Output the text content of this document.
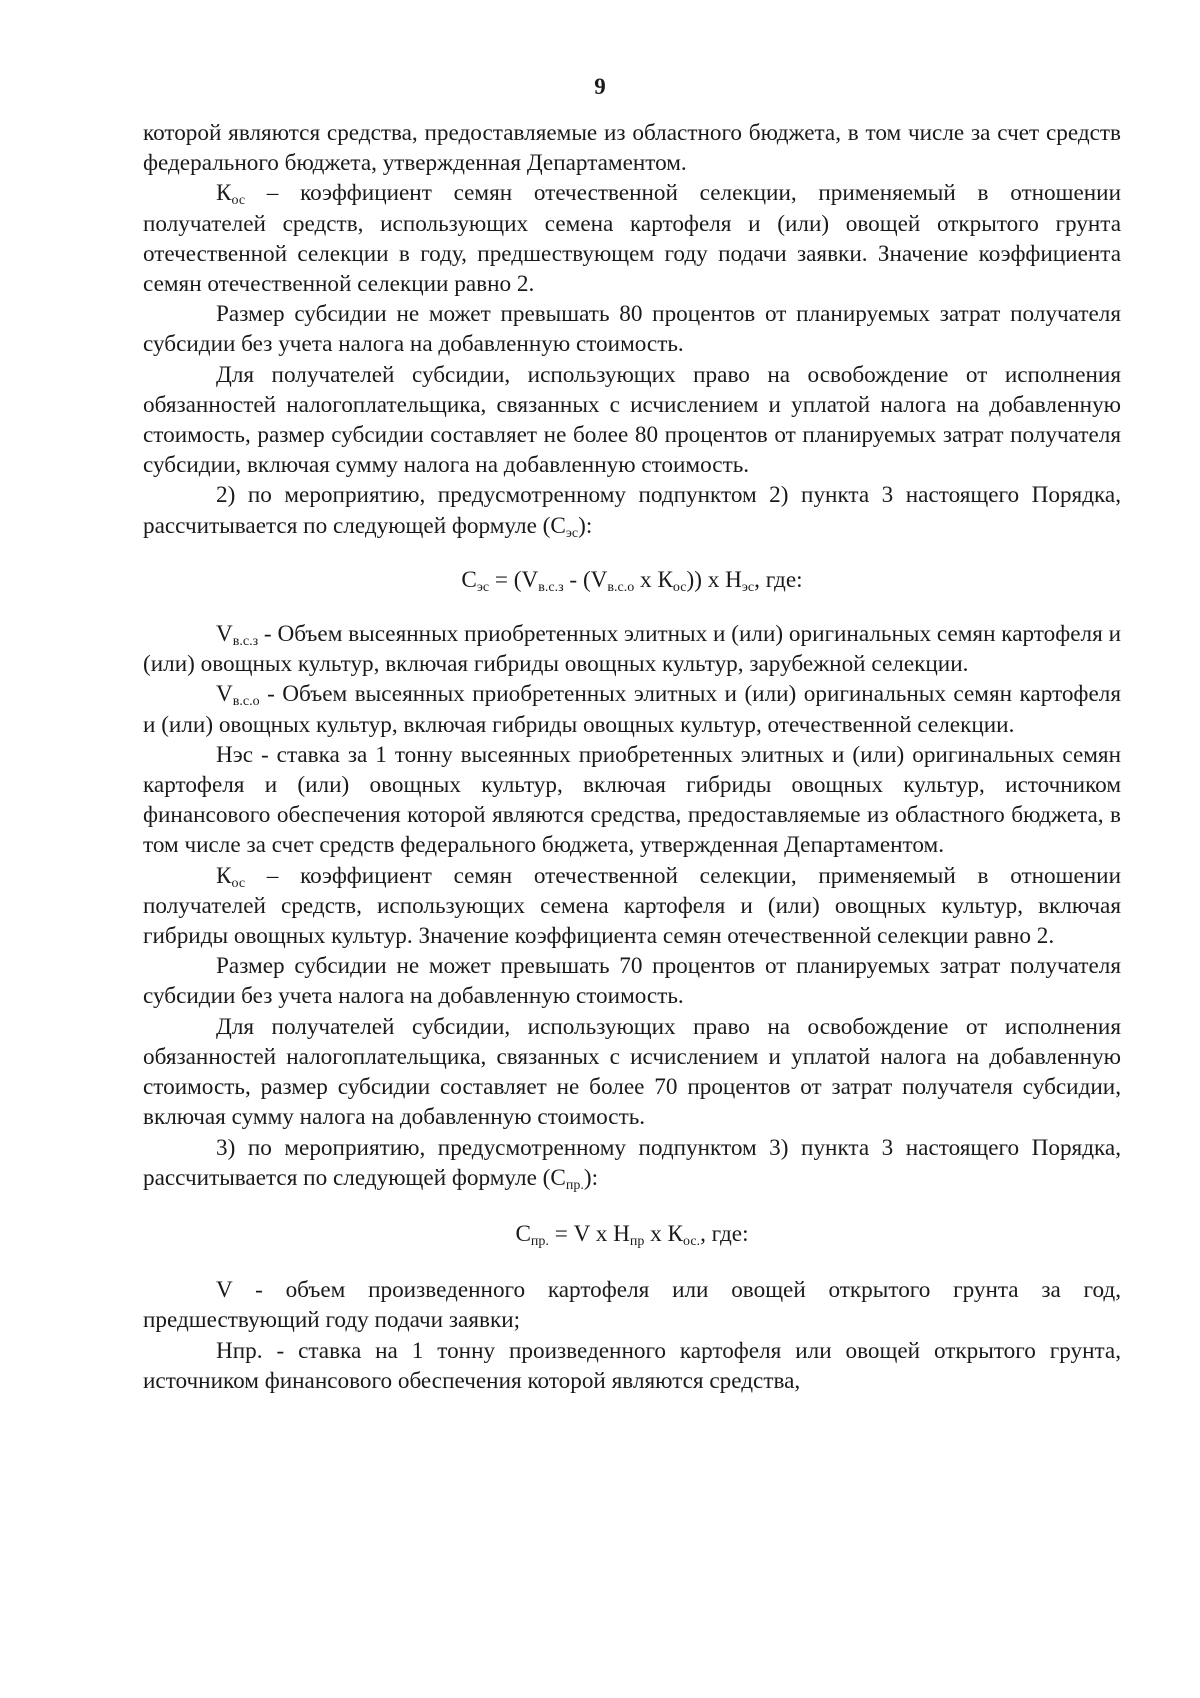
9

которой являются средства, предоставляемые из областного бюджета, в том числе за счет средств федерального бюджета, утвержденная Департаментом.

$К_{ос}$ – коэффициент семян отечественной селекции, применяемый в отношении получателей средств, использующих семена картофеля и (или) овощей открытого грунта отечественной селекции в году, предшествующем году подачи заявки. Значение коэффициента семян отечественной селекции равно 2.

Размер субсидии не может превышать 80 процентов от планируемых затрат получателя субсидии без учета налога на добавленную стоимость.

Для получателей субсидии, использующих право на освобождение от исполнения обязанностей налогоплательщика, связанных с исчислением и уплатой налога на добавленную стоимость, размер субсидии составляет не более 80 процентов от планируемых затрат получателя субсидии, включая сумму налога на добавленную стоимость.

2) по мероприятию, предусмотренному подпунктом 2) пункта 3 настоящего Порядка, рассчитывается по следующей формуле $(С_{эс})$:

$С_{эс} = (V_{в.с.з} - (V_{в.с.о}$ х $К_{ос}$)) х $Н_{эс}$, где:

$V_{в.с.з}$ - Объем высеянных приобретенных элитных и (или) оригинальных семян картофеля и (или) овощных культур, включая гибриды овощных культур, зарубежной селекции.

$V_{в.с.о}$ - Объем высеянных приобретенных элитных и (или) оригинальных семян картофеля и (или) овощных культур, включая гибриды овощных культур, отечественной селекции.

Нэс - ставка за 1 тонну высеянных приобретенных элитных и (или) оригинальных семян картофеля и (или) овощных культур, включая гибриды овощных культур, источником финансового обеспечения которой являются средства, предоставляемые из областного бюджета, в том числе за счет средств федерального бюджета, утвержденная Департаментом.

$К_{ос}$ – коэффициент семян отечественной селекции, применяемый в отношении получателей средств, использующих семена картофеля и (или) овощных культур, включая гибриды овощных культур. Значение коэффициента семян отечественной селекции равно 2.

Размер субсидии не может превышать 70 процентов от планируемых затрат получателя субсидии без учета налога на добавленную стоимость.

Для получателей субсидии, использующих право на освобождение от исполнения обязанностей налогоплательщика, связанных с исчислением и уплатой налога на добавленную стоимость, размер субсидии составляет не более 70 процентов от затрат получателя субсидии, включая сумму налога на добавленную стоимость.

3) по мероприятию, предусмотренному подпунктом 3) пункта 3 настоящего Порядка, рассчитывается по следующей формуле $(С_{пр.})$:

$С_{пр.} = V$ х $Н_{пр}$ х $К_{ос.}$, где:

V - объем произведенного картофеля или овощей открытого грунта за год, предшествующий году подачи заявки;

Нпр. - ставка на 1 тонну произведенного картофеля или овощей открытого грунта, источником финансового обеспечения которой являются средства,
